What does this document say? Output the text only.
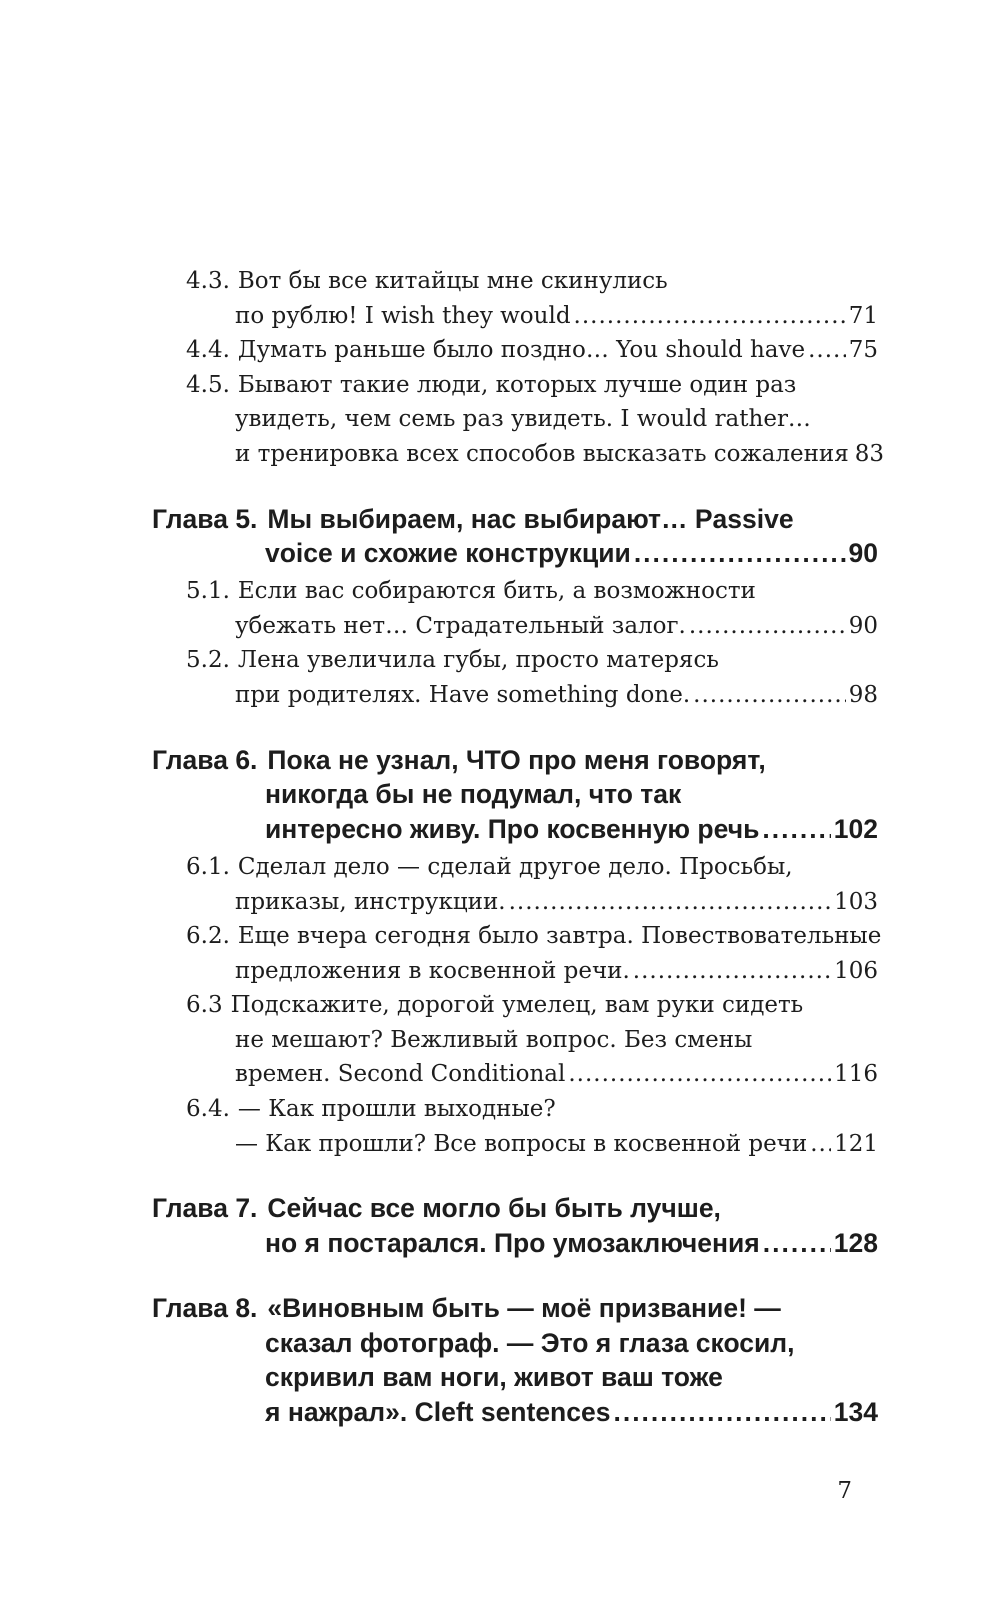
4.3. Вот бы все китайцы мне скинулись
по рублю! I wish they would .....	71
4.4. Думать раньше было поздно… You should have ..... 75
4.5. Бывают такие люди, которых лучше один раз
увидеть, чем семь раз увидеть. I would rather…
и тренировка всех способов высказать сожаления 83
Глава 5. Мы выбираем, нас выбирают… Passive
voice и схожие конструкции .....	90
5.1. Если вас собираются бить, а возможности
убежать нет… Страдательный залог. .....	90
5.2. Лена увеличила губы, просто матерясь
при родителях. Have something done. .....	98
Глава 6. Пока не узнал, ЧТО про меня говорят,
никогда бы не подумал, что так
интересно живу. Про косвенную речь .....	102
6.1. Сделал дело — сделай другое дело. Просьбы,
приказы, инструкции. .....	103
6.2. Еще вчера сегодня было завтра. Повествовательные
предложения в косвенной речи. .....	106
6.3 Подскажите, дорогой умелец, вам руки сидеть
не мешают? Вежливый вопрос. Без смены
времен. Second Conditional .....	116
6.4. — Как прошли выходные?
— Как прошли? Все вопросы в косвенной речи ..... 121
Глава 7. Сейчас все могло бы быть лучше,
но я постарался. Про умозаключения .....	128
Глава 8. «Виновным быть — моё призвание! —
сказал фотограф. — Это я глаза скосил,
скривил вам ноги, живот ваш тоже
я нажрал». Cleft sentences .....	134
7
